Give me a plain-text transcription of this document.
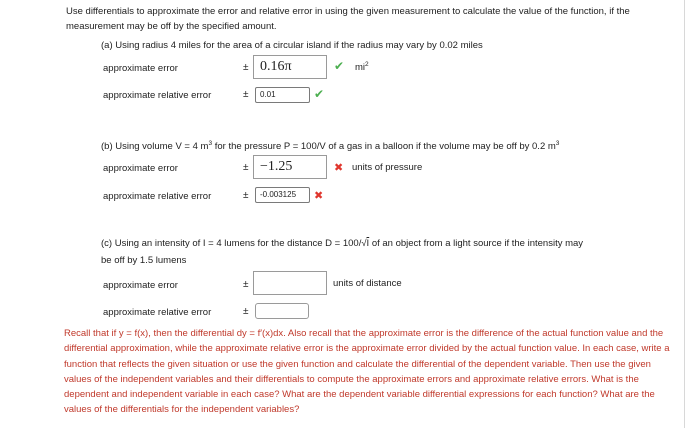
Use differentials to approximate the error and relative error in using the given measurement to calculate the value of the function, if the measurement may be off by the specified amount.
(a) Using radius 4 miles for the area of a circular island if the radius may vary by 0.02 miles
approximate error	± 0.16π	✔ $mi^2$
approximate relative error	±	0.01	✔
(b) Using volume V = 4 $m^3$ for the pressure P = 100/V of a gas in a balloon if the volume may be off by 0.2 $m^3$
approximate error	± −1.25	✖ units of pressure
approximate relative error	±	-0.003125	✖
(c) Using an intensity of I = 4 lumens for the distance D = 100/√I of an object from a light source if the intensity may
be off by 1.5 lumens
approximate error	±	units of distance
approximate relative error	±
Recall that if y = f(x), then the differential dy = f′(x)dx. Also recall that the approximate error is the difference of the actual function value and the differential approximation, while the approximate relative error is the approximate error divided by the actual function value. In each case, write a function that reflects the given situation or use the given function and calculate the differential of the dependent variable. Then use the given values of the independent variables and their differentials to compute the approximate errors and approximate relative errors. What is the dependent and independent variable in each case? What are the dependent variable differential expressions for each function? What are the values of the differentials for the independent variables?
